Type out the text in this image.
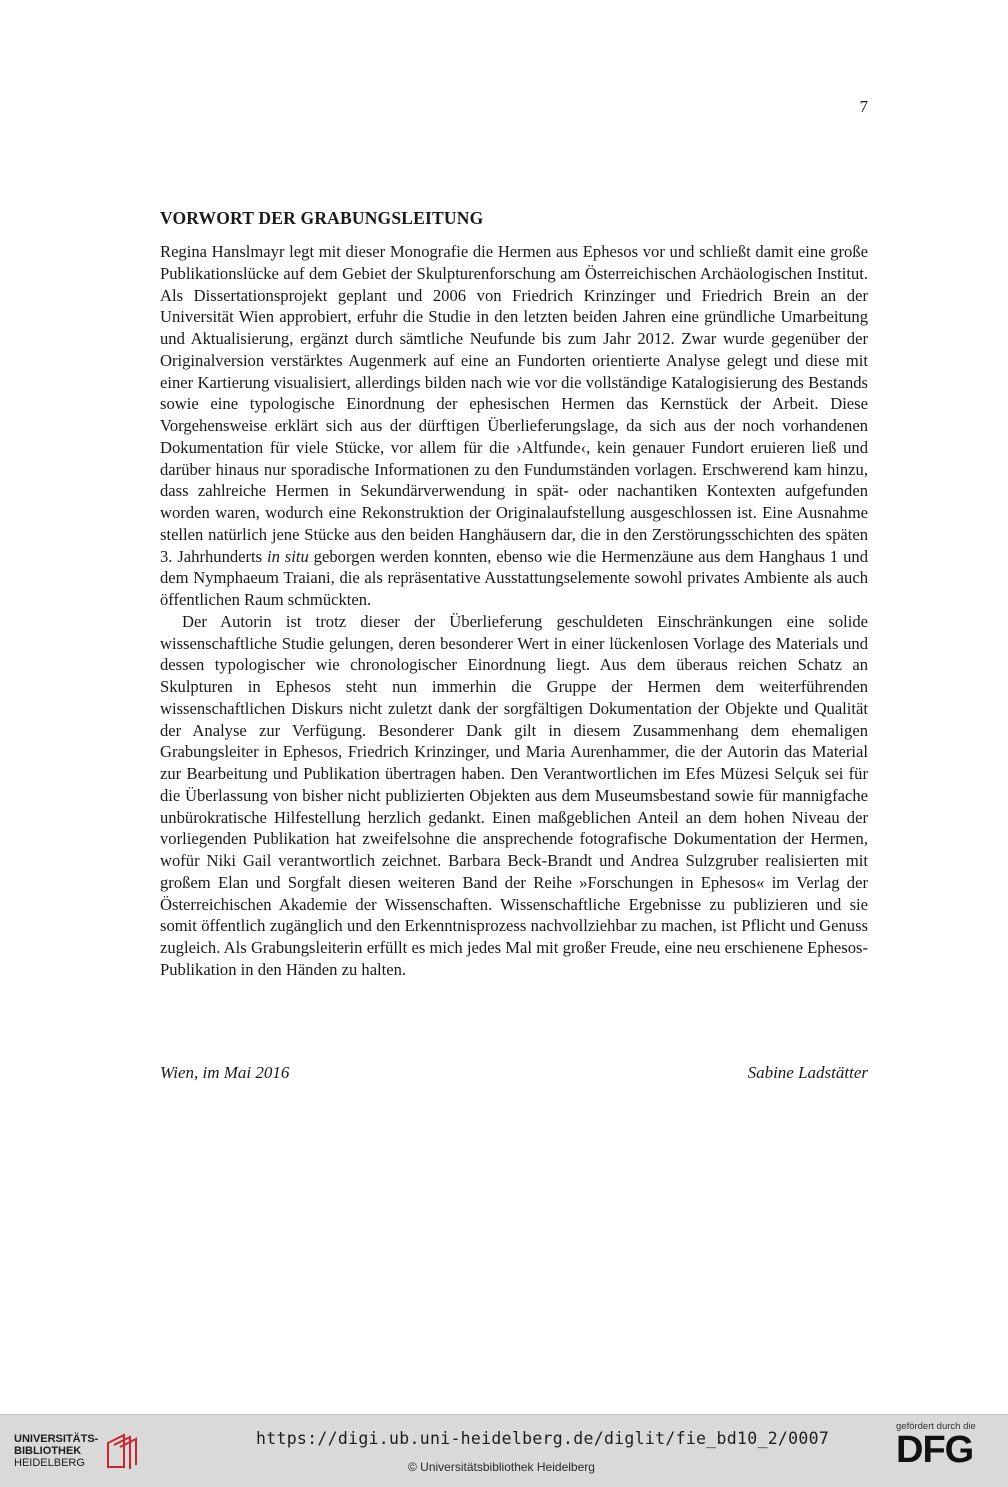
7
VORWORT DER GRABUNGSLEITUNG

Regina Hanslmayr legt mit dieser Monografie die Hermen aus Ephesos vor und schließt damit eine große Publikationslücke auf dem Gebiet der Skulpturenforschung am Österreichischen Archäologischen Institut. Als Dissertationsprojekt geplant und 2006 von Friedrich Krinzinger und Friedrich Brein an der Universität Wien approbiert, erfuhr die Studie in den letzten beiden Jahren eine gründliche Umarbeitung und Aktualisierung, ergänzt durch sämtliche Neufunde bis zum Jahr 2012. Zwar wurde gegenüber der Originalversion verstärktes Augenmerk auf eine an Fundorten orientierte Analyse gelegt und diese mit einer Kartierung visualisiert, allerdings bilden nach wie vor die vollständige Katalogisierung des Bestands sowie eine typologische Einordnung der ephesischen Hermen das Kernstück der Arbeit. Diese Vorgehensweise erklärt sich aus der dürftigen Überlieferungslage, da sich aus der noch vorhandenen Dokumentation für viele Stücke, vor allem für die ›Altfunde‹, kein genauer Fundort eruieren ließ und darüber hinaus nur sporadische Informationen zu den Fundumständen vorlagen. Erschwerend kam hinzu, dass zahlreiche Hermen in Sekundärverwendung in spät- oder nachantiken Kontexten aufgefunden worden waren, wodurch eine Rekonstruktion der Originalaufstellung ausgeschlossen ist. Eine Ausnahme stellen natürlich jene Stücke aus den beiden Hanghäusern dar, die in den Zerstörungsschichten des späten 3. Jahrhunderts in situ geborgen werden konnten, ebenso wie die Hermenzäune aus dem Hanghaus 1 und dem Nymphaeum Traiani, die als repräsentative Ausstattungselemente sowohl privates Ambiente als auch öffentlichen Raum schmückten.

Der Autorin ist trotz dieser der Überlieferung geschuldeten Einschränkungen eine solide wissenschaftliche Studie gelungen, deren besonderer Wert in einer lückenlosen Vorlage des Materials und dessen typologischer wie chronologischer Einordnung liegt. Aus dem überaus reichen Schatz an Skulpturen in Ephesos steht nun immerhin die Gruppe der Hermen dem weiterführenden wissenschaftlichen Diskurs nicht zuletzt dank der sorgfältigen Dokumentation der Objekte und Qualität der Analyse zur Verfügung. Besonderer Dank gilt in diesem Zusammenhang dem ehemaligen Grabungsleiter in Ephesos, Friedrich Krinzinger, und Maria Aurenhammer, die der Autorin das Material zur Bearbeitung und Publikation übertragen haben. Den Verantwortlichen im Efes Müzesi Selçuk sei für die Überlassung von bisher nicht publizierten Objekten aus dem Museumsbestand sowie für mannigfache unbürokratische Hilfestellung herzlich gedankt. Einen maßgeblichen Anteil an dem hohen Niveau der vorliegenden Publikation hat zweifelsohne die ansprechende fotografische Dokumentation der Hermen, wofür Niki Gail verantwortlich zeichnet. Barbara Beck-Brandt und Andrea Sulzgruber realisierten mit großem Elan und Sorgfalt diesen weiteren Band der Reihe »Forschungen in Ephesos« im Verlag der Österreichischen Akademie der Wissenschaften. Wissenschaftliche Ergebnisse zu publizieren und sie somit öffentlich zugänglich und den Erkenntnisprozess nachvollziehbar zu machen, ist Pflicht und Genuss zugleich. Als Grabungsleiterin erfüllt es mich jedes Mal mit großer Freude, eine neu erschienene Ephesos-Publikation in den Händen zu halten.

Wien, im Mai 2016	Sabine Ladstätter
UNIVERSITÄTS-
BIBLIOTHEK
HEIDELBERG
https://digi.ub.uni-heidelberg.de/diglit/fie_bd10_2/0007
© Universitätsbibliothek Heidelberg
gefördert durch die
DFG
